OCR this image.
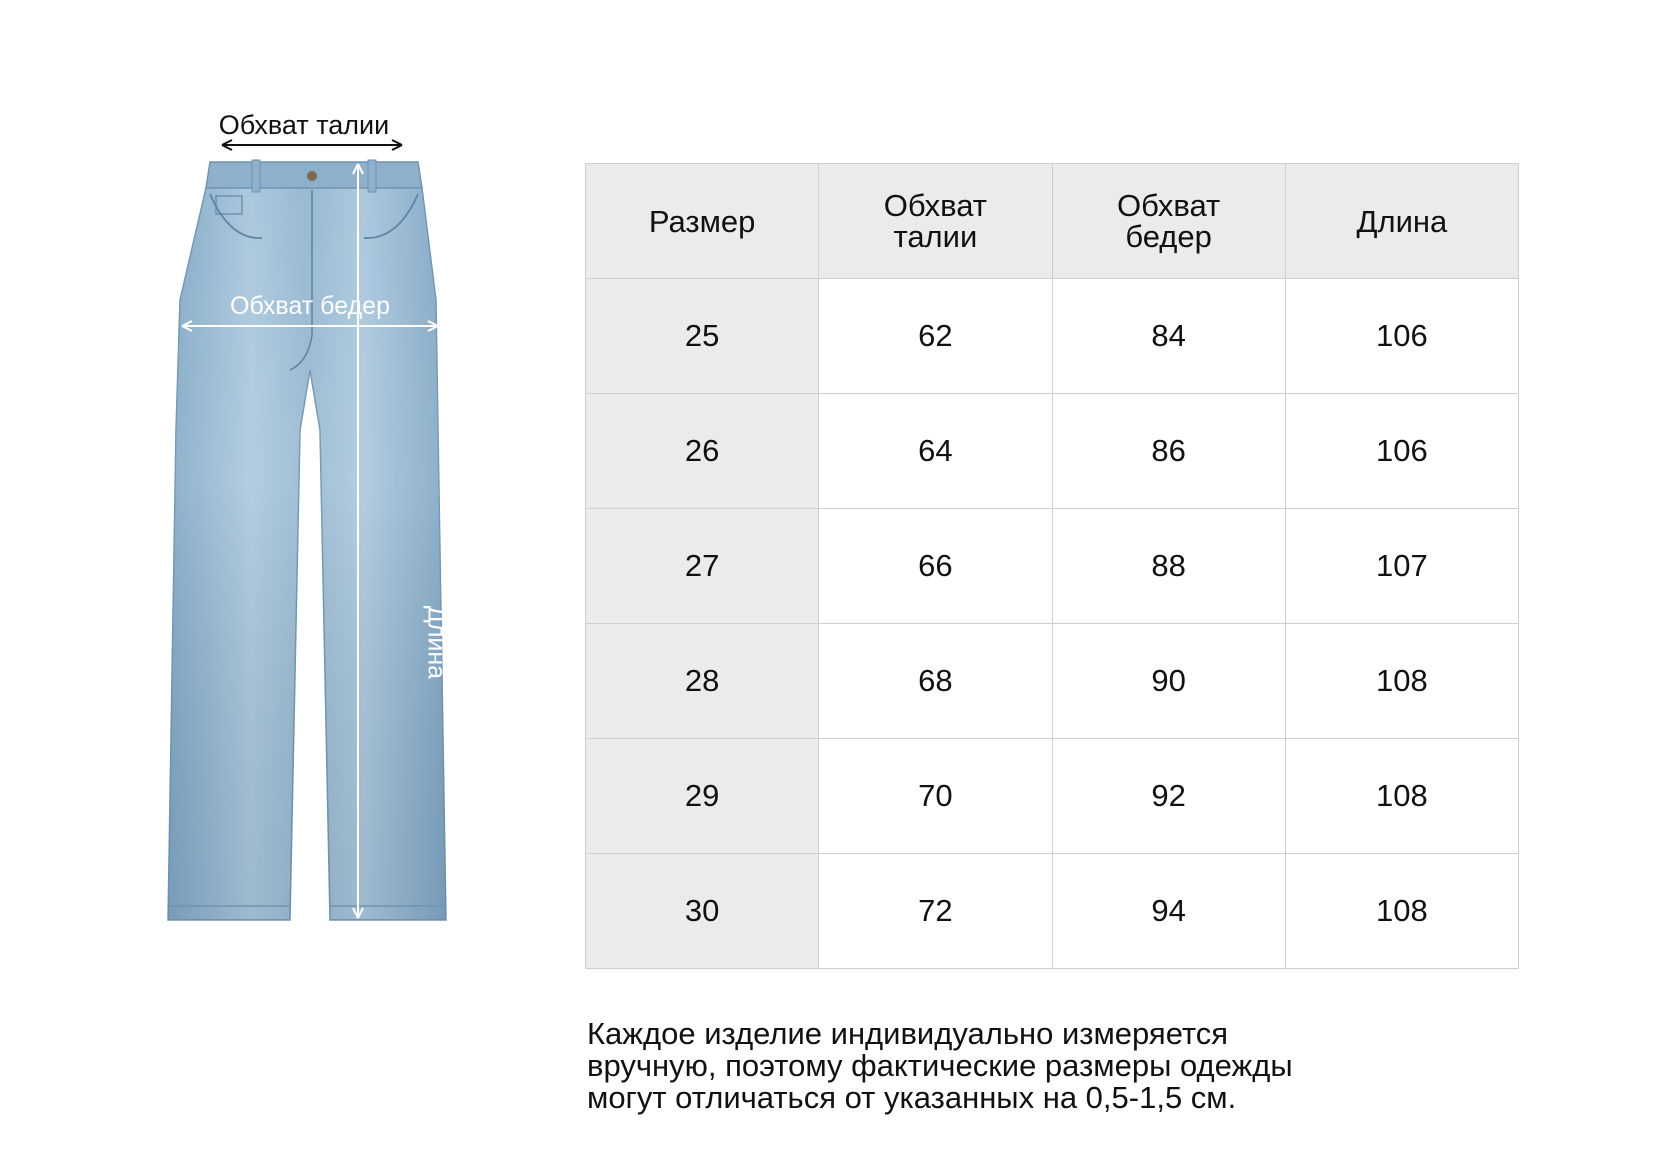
Обхват талии
Обхват бедер
Длина
Размер	Обхват талии	Обхват бедер	Длина
25	62	84	106
26	64	86	106
27	66	88	107
28	68	90	108
29	70	92	108
30	72	94	108
Каждое изделие индивидуально измеряется
вручную, поэтому фактические размеры одежды
могут отличаться от указанных на 0,5-1,5 см.
